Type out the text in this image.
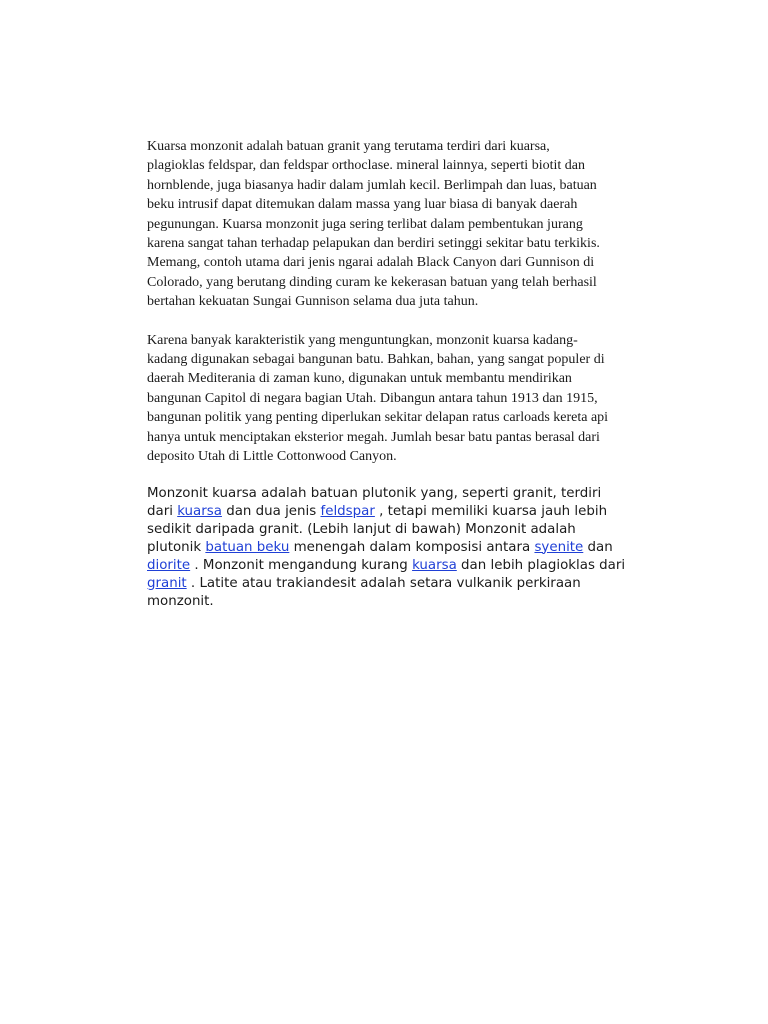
Kuarsa monzonit adalah batuan granit yang terutama terdiri dari kuarsa,
plagioklas feldspar, dan feldspar orthoclase. mineral lainnya, seperti biotit dan
hornblende, juga biasanya hadir dalam jumlah kecil. Berlimpah dan luas, batuan
beku intrusif dapat ditemukan dalam massa yang luar biasa di banyak daerah
pegunungan. Kuarsa monzonit juga sering terlibat dalam pembentukan jurang
karena sangat tahan terhadap pelapukan dan berdiri setinggi sekitar batu terkikis.
Memang, contoh utama dari jenis ngarai adalah Black Canyon dari Gunnison di
Colorado, yang berutang dinding curam ke kekerasan batuan yang telah berhasil
bertahan kekuatan Sungai Gunnison selama dua juta tahun.

Karena banyak karakteristik yang menguntungkan, monzonit kuarsa kadang-
kadang digunakan sebagai bangunan batu. Bahkan, bahan, yang sangat populer di
daerah Mediterania di zaman kuno, digunakan untuk membantu mendirikan
bangunan Capitol di negara bagian Utah. Dibangun antara tahun 1913 dan 1915,
bangunan politik yang penting diperlukan sekitar delapan ratus carloads kereta api
hanya untuk menciptakan eksterior megah. Jumlah besar batu pantas berasal dari
deposito Utah di Little Cottonwood Canyon.

Monzonit kuarsa adalah batuan plutonik yang, seperti granit, terdiri
dari kuarsa dan dua jenis feldspar , tetapi memiliki kuarsa jauh lebih
sedikit daripada granit. (Lebih lanjut di bawah) Monzonit adalah
plutonik batuan beku menengah dalam komposisi antara syenite dan
diorite . Monzonit mengandung kurang kuarsa dan lebih plagioklas dari
granit . Latite atau trakiandesit adalah setara vulkanik perkiraan
monzonit.
